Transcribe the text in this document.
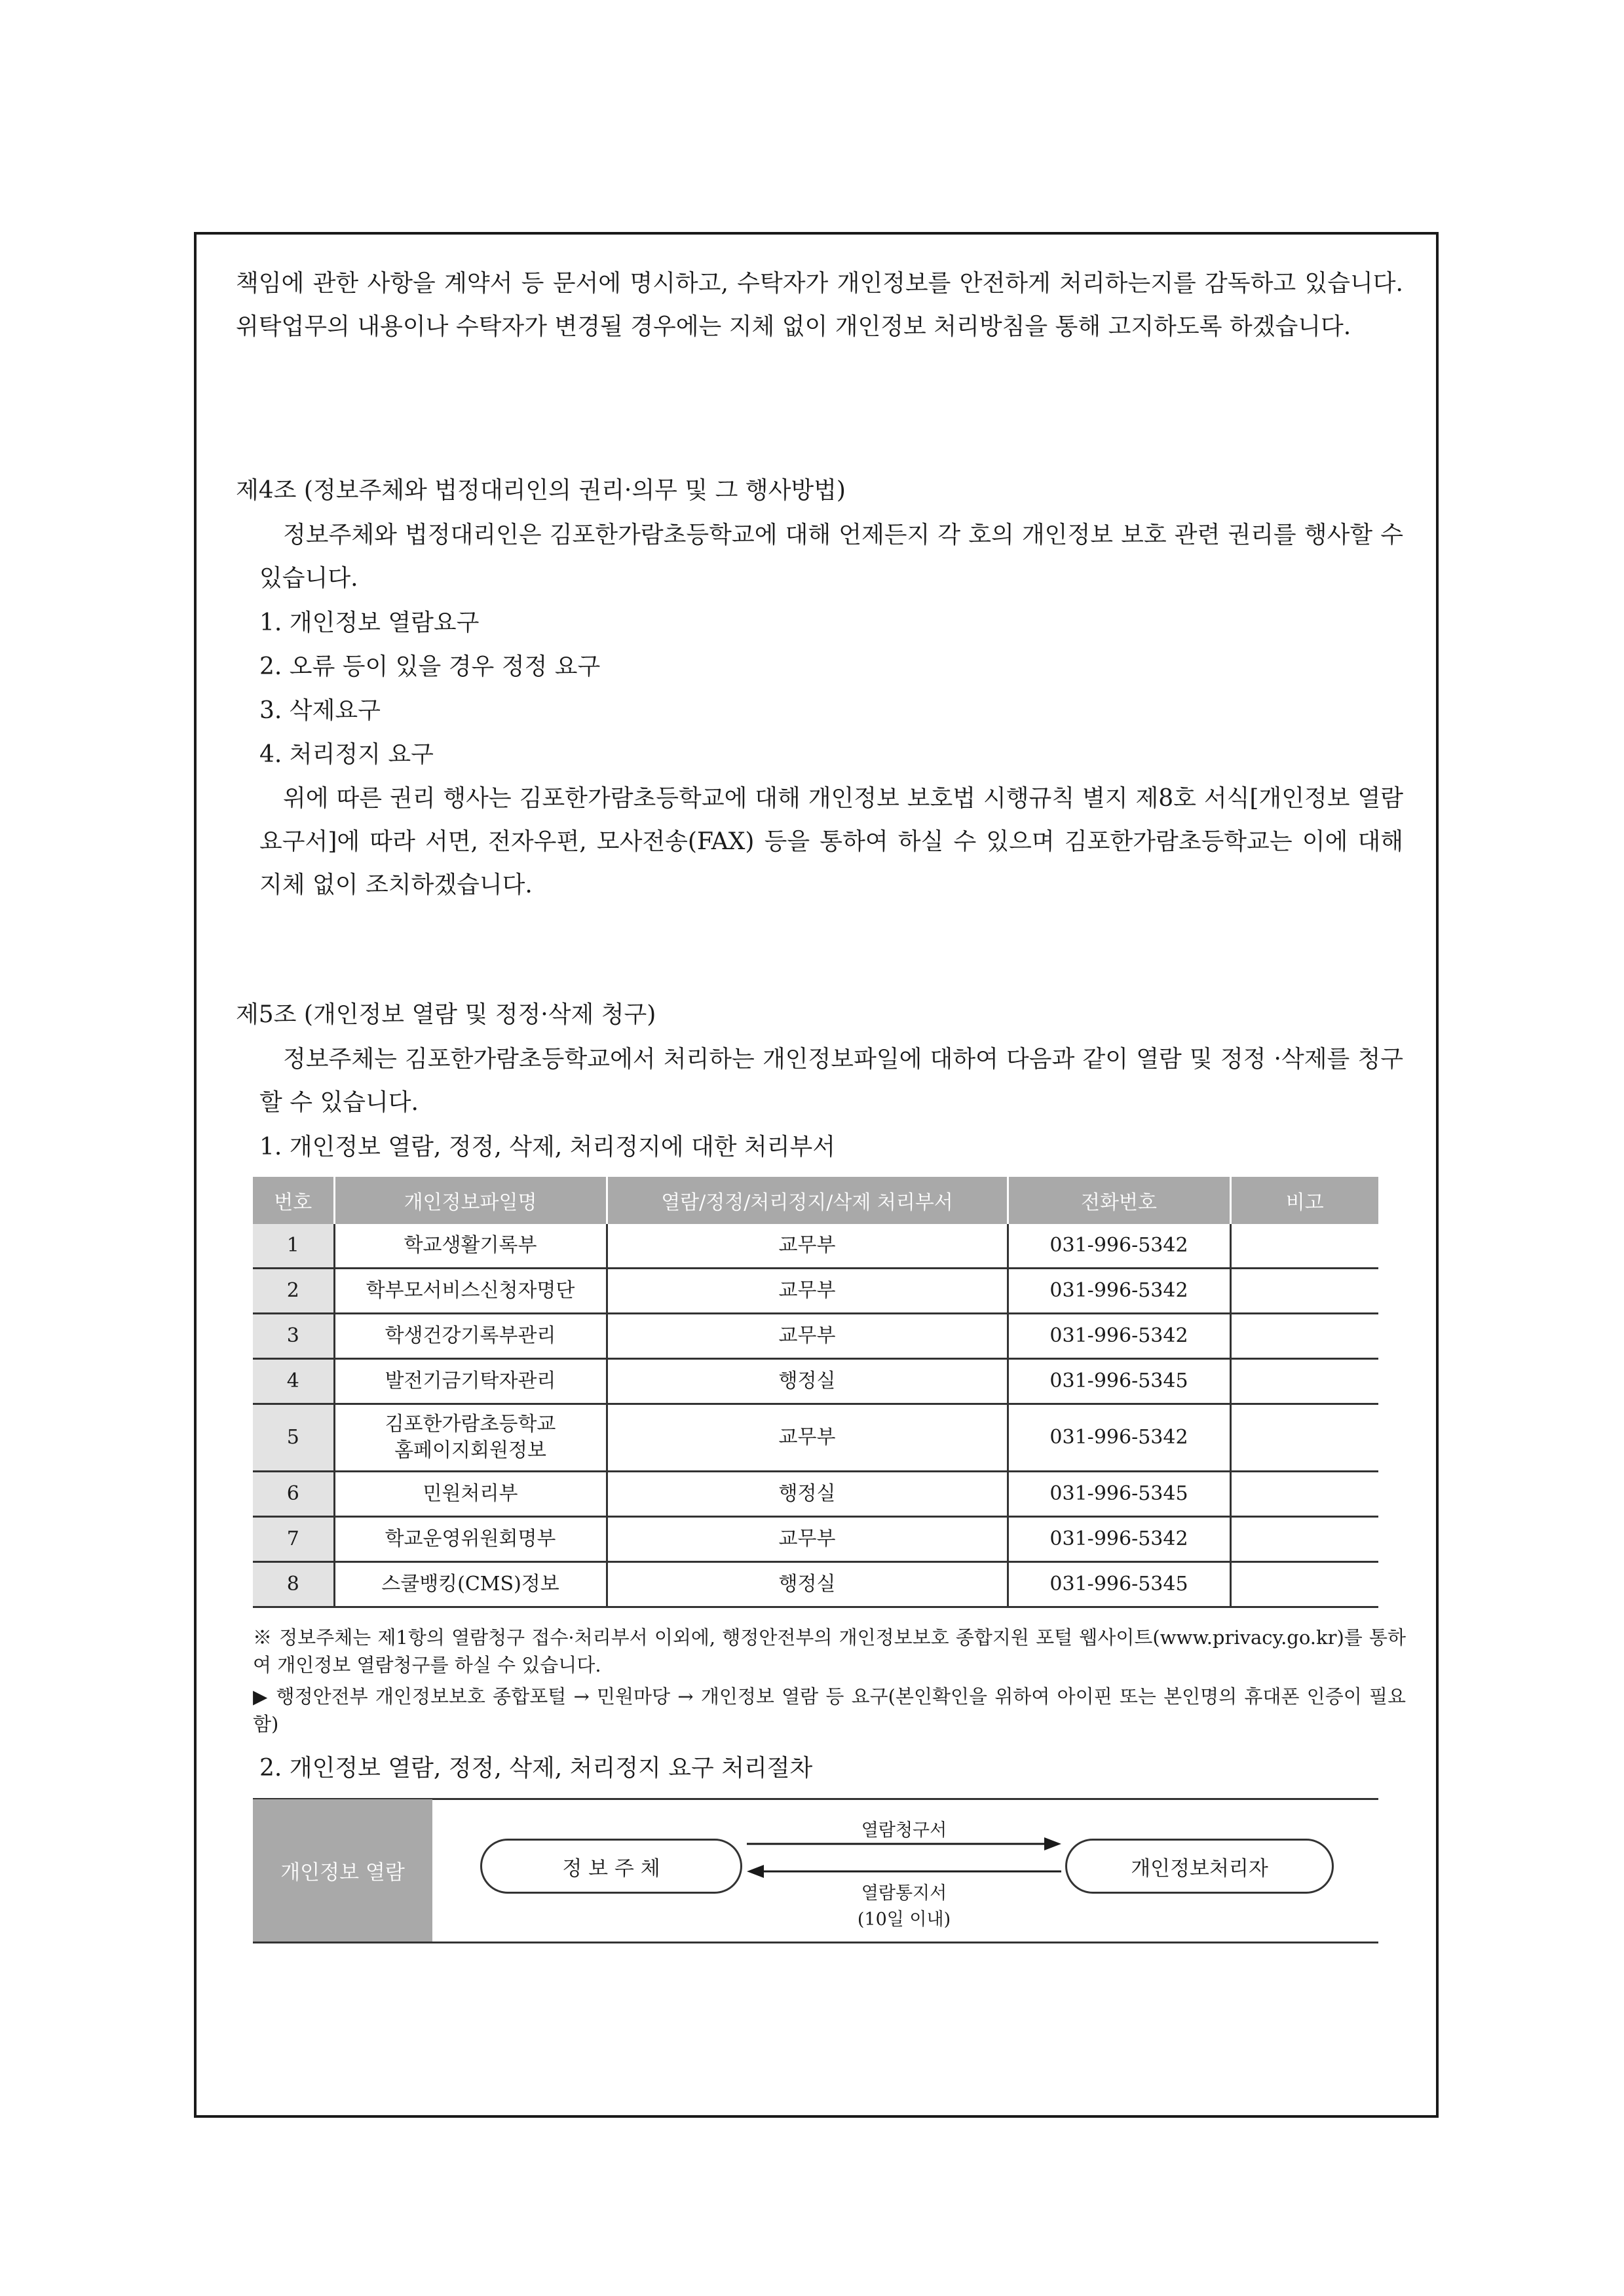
책임에 관한 사항을 계약서 등 문서에 명시하고, 수탁자가 개인정보를 안전하게 처리하는지를 감독하고 있습니다. 위탁업무의 내용이나 수탁자가 변경될 경우에는 지체 없이 개인정보 처리방침을 통해 고지하도록 하겠습니다.

제4조 (정보주체와 법정대리인의 권리·의무 및 그 행사방법)

정보주체와 법정대리인은 김포한가람초등학교에 대해 언제든지 각 호의 개인정보 보호 관련 권리를 행사할 수 있습니다.

1. 개인정보 열람요구

2. 오류 등이 있을 경우 정정 요구

3. 삭제요구

4. 처리정지 요구

위에 따른 권리 행사는 김포한가람초등학교에 대해 개인정보 보호법 시행규칙 별지 제8호 서식[개인정보 열람 요구서]에 따라 서면, 전자우편, 모사전송(FAX) 등을 통하여 하실 수 있으며 김포한가람초등학교는 이에 대해 지체 없이 조치하겠습니다.

제5조 (개인정보 열람 및 정정·삭제 청구)

정보주체는 김포한가람초등학교에서 처리하는 개인정보파일에 대하여 다음과 같이 열람 및 정정 ·삭제를 청구할 수 있습니다.

1. 개인정보 열람, 정정, 삭제, 처리정지에 대한 처리부서

번호	개인정보파일명	열람/정정/처리정지/삭제 처리부서	전화번호	비고
1	학교생활기록부	교무부	031-996-5342	
2	학부모서비스신청자명단	교무부	031-996-5342	
3	학생건강기록부관리	교무부	031-996-5342	
4	발전기금기탁자관리	행정실	031-996-5345	
5	김포한가람초등학교
홈페이지회원정보	교무부	031-996-5342	
6	민원처리부	행정실	031-996-5345	
7	학교운영위원회명부	교무부	031-996-5342	
8	스쿨뱅킹(CMS)정보	행정실	031-996-5345	

※ 정보주체는 제1항의 열람청구 접수·처리부서 이외에, 행정안전부의 개인정보보호 종합지원 포털 웹사이트(www.privacy.go.kr)를 통하여 개인정보 열람청구를 하실 수 있습니다.

▶ 행정안전부 개인정보보호 종합포털 → 민원마당 → 개인정보 열람 등 요구(본인확인을 위하여 아이핀 또는 본인명의 휴대폰 인증이 필요함)

2. 개인정보 열람, 정정, 삭제, 처리정지 요구 처리절차

개인정보 열람	정 보 주 체	개인정보처리자
열람청구서
열람통지서
(10일 이내)
